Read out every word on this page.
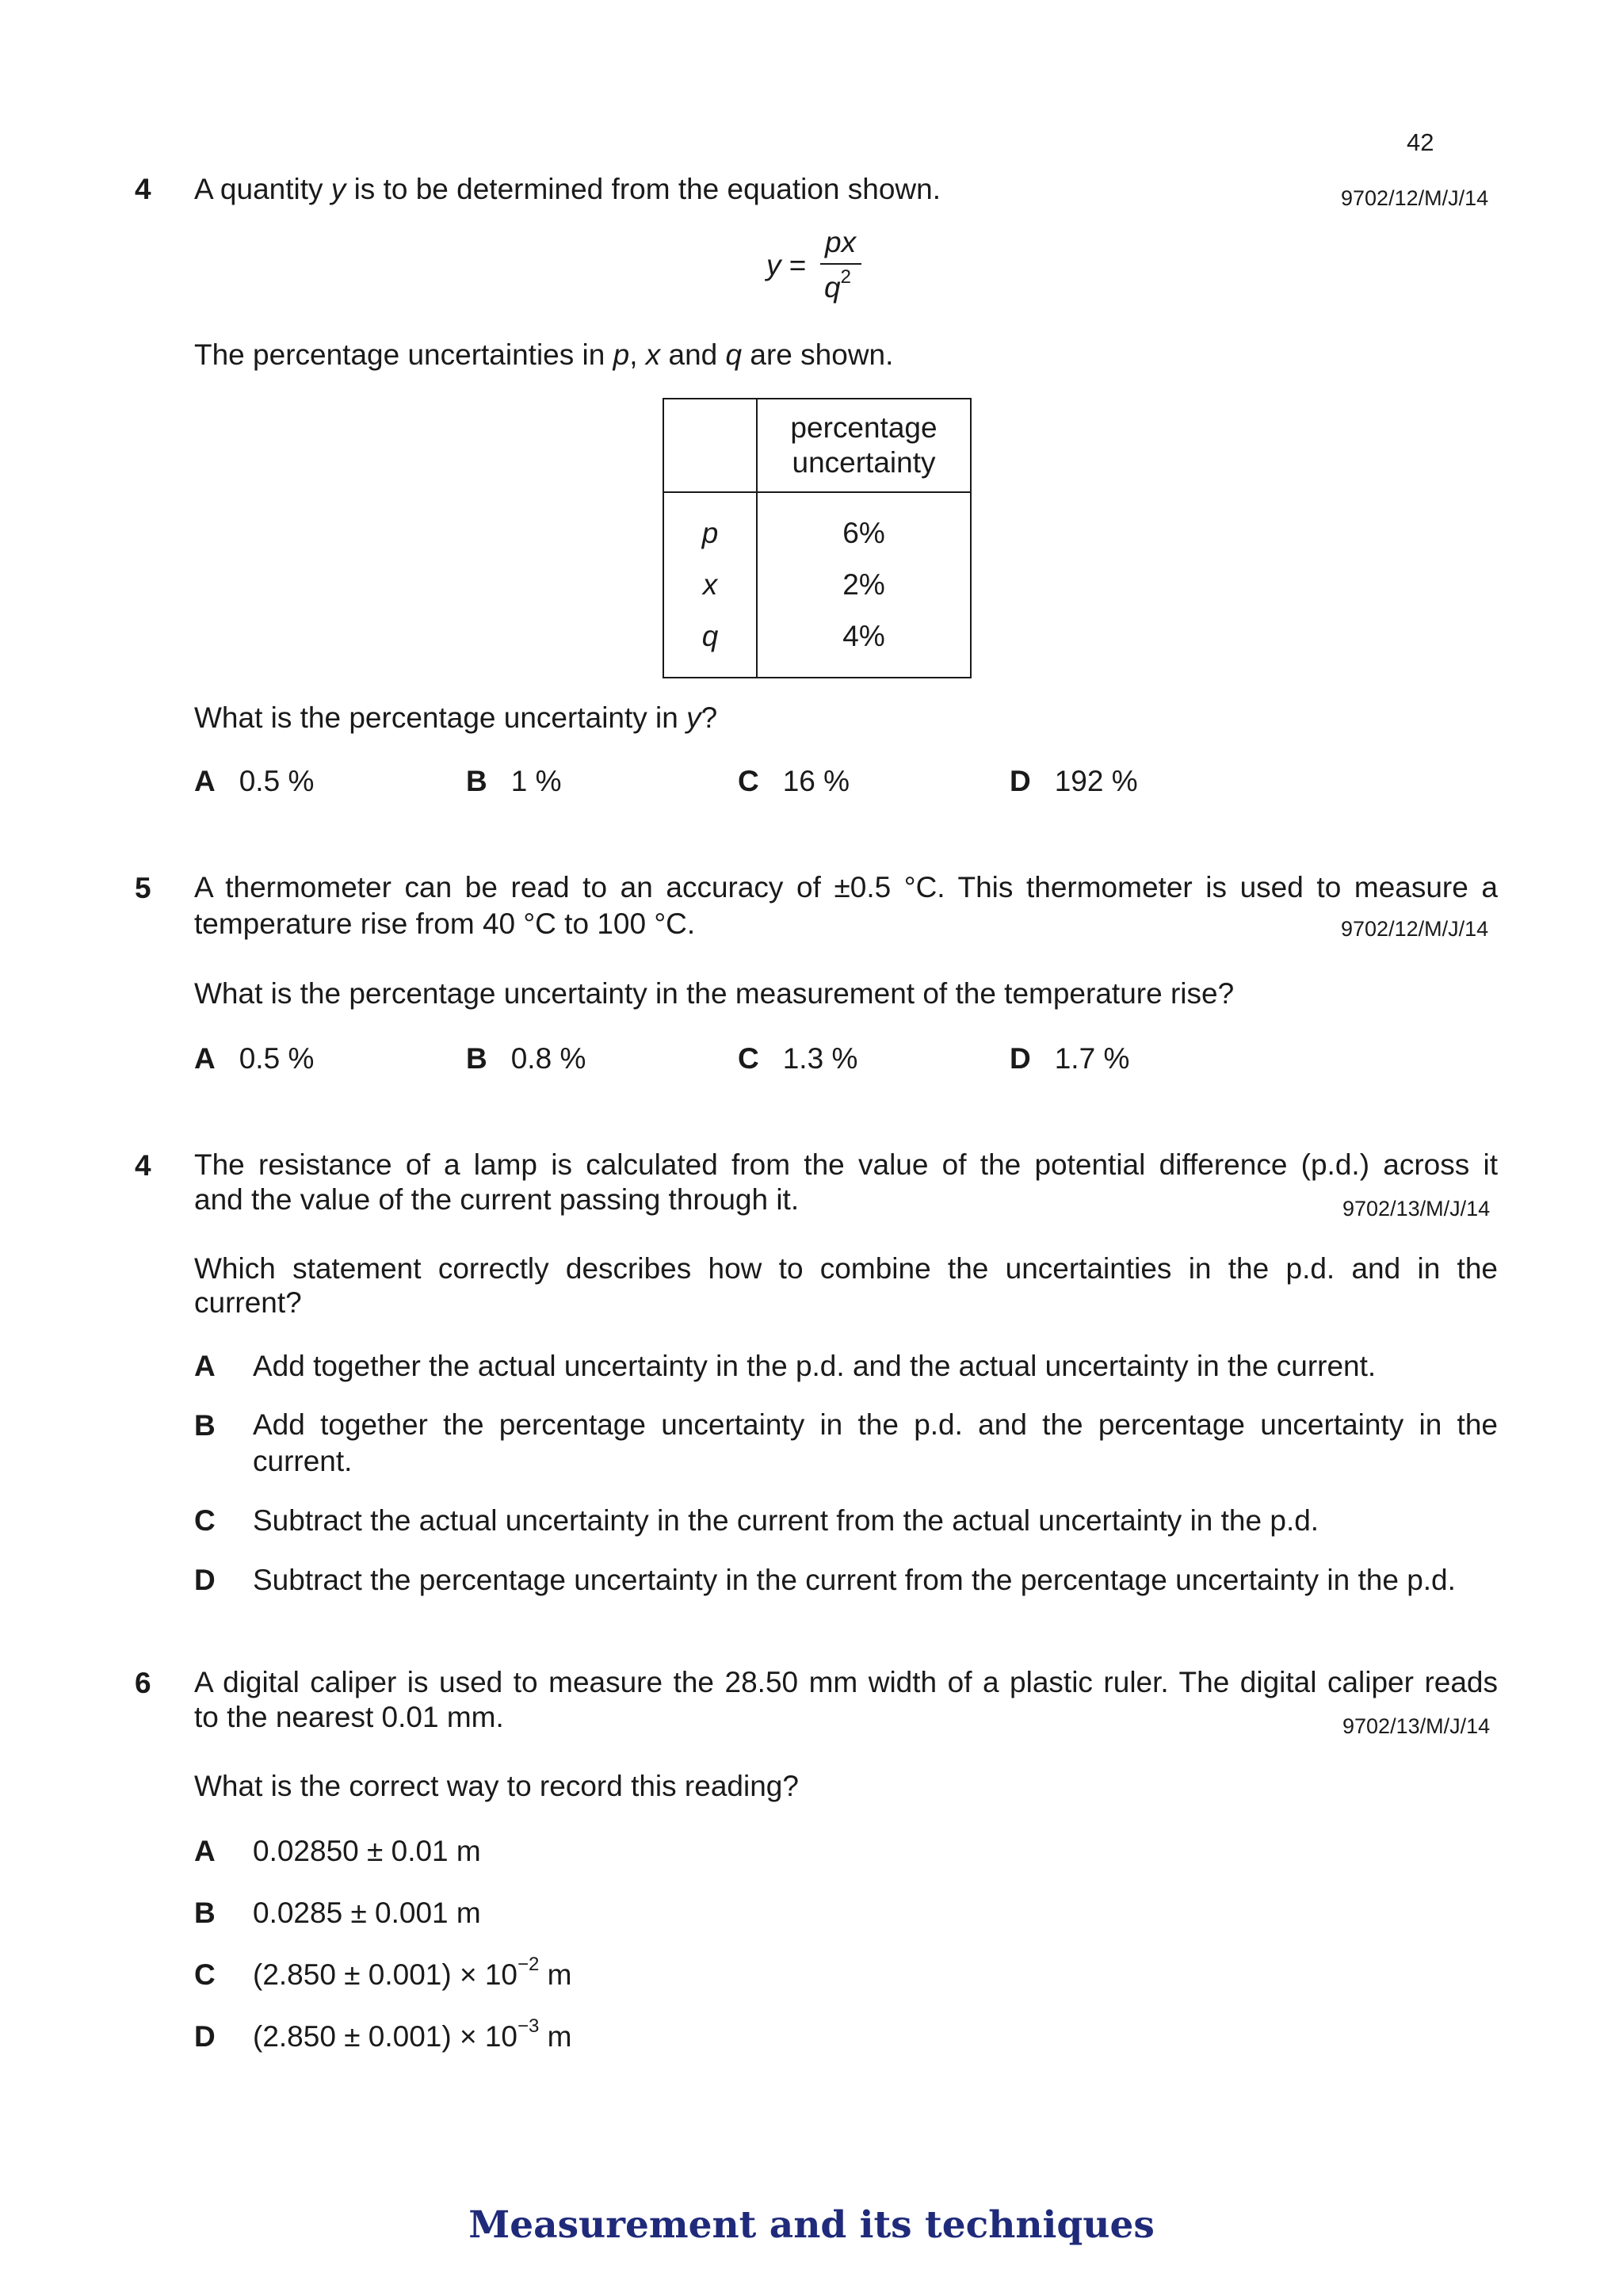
42
4 A quantity y is to be determined from the equation shown.	9702/12/M/J/14
y =
px
$q^2$
The percentage uncertainties in p, x and q are shown.
	percentage
uncertainty
p	6%
x	2%
q	4%
What is the percentage uncertainty in y?
A 0.5 %	B 1 %	C 16 %	D 192 %
5 A thermometer can be read to an accuracy of ±0.5 °C. This thermometer is used to measure a
temperature rise from 40 °C to 100 °C.	9702/12/M/J/14
What is the percentage uncertainty in the measurement of the temperature rise?
A 0.5 %	B 0.8 %	C 1.3 %	D 1.7 %
4 The resistance of a lamp is calculated from the value of the potential difference (p.d.) across it
and the value of the current passing through it.	9702/13/M/J/14
Which statement correctly describes how to combine the uncertainties in the p.d. and in the
current?
A Add together the actual uncertainty in the p.d. and the actual uncertainty in the current.
B Add together the percentage uncertainty in the p.d. and the percentage uncertainty in the
current.
C Subtract the actual uncertainty in the current from the actual uncertainty in the p.d.
D Subtract the percentage uncertainty in the current from the percentage uncertainty in the p.d.
6 A digital caliper is used to measure the 28.50 mm width of a plastic ruler. The digital caliper reads
to the nearest 0.01 mm.	9702/13/M/J/14
What is the correct way to record this reading?
A 0.02850 ± 0.01 m
B 0.0285 ± 0.001 m
C $(2.850 \pm 0.001) \times 10^{-2}$ m
D $(2.850 \pm 0.001) \times 10^{-3}$ m
Measurement and its techniques
